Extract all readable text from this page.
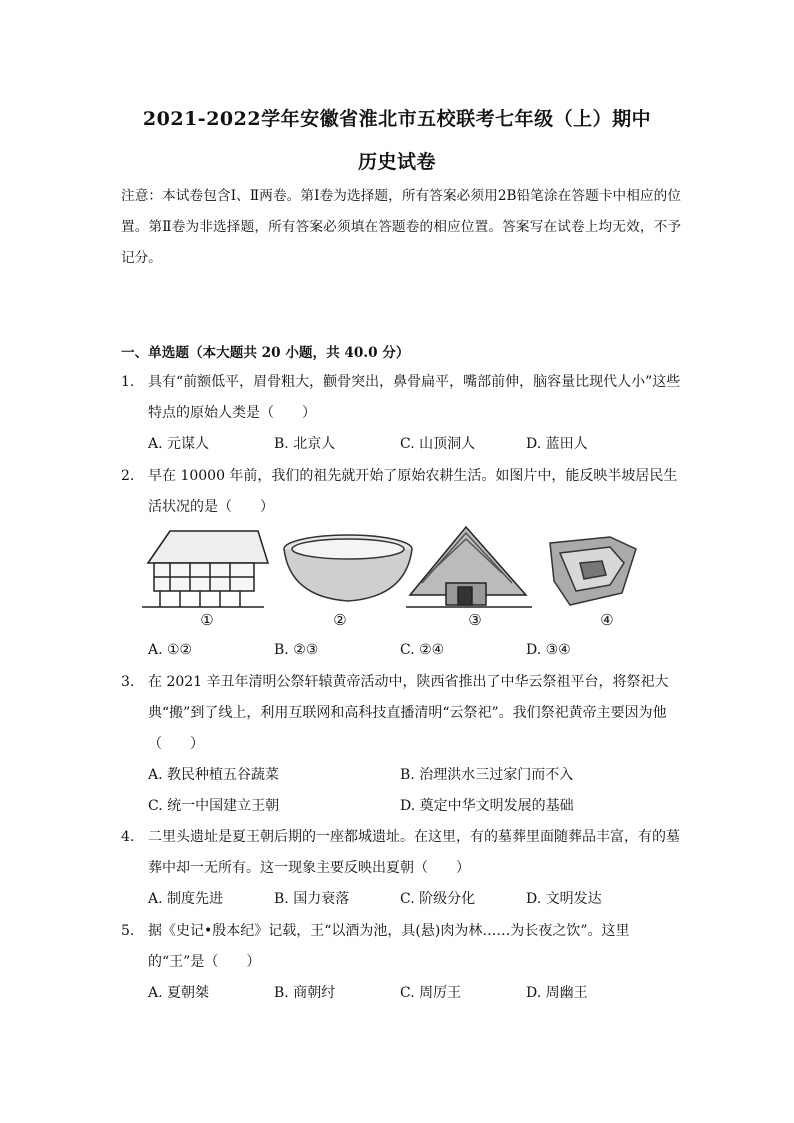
2021-2022学年安徽省淮北市五校联考七年级（上）期中
历史试卷
注意：本试卷包含Ⅰ、Ⅱ两卷。第Ⅰ卷为选择题，所有答案必须用2B铅笔涂在答题卡中相应的位置。第Ⅱ卷为非选择题，所有答案必须填在答题卷的相应位置。答案写在试卷上均无效，不予记分。
一、单选题（本大题共 20 小题，共 40.0 分）
1. 具有“前额低平，眉骨粗大，颧骨突出，鼻骨扁平，嘴部前伸，脑容量比现代人小”这些特点的原始人类是（　　）
A. 元谋人	B. 北京人	C. 山顶洞人	D. 蓝田人
2. 早在 10000 年前，我们的祖先就开始了原始农耕生活。如图片中，能反映半坡居民生活状况的是（　　）
①	②	③	④
A. ①②	B. ②③	C. ②④	D. ③④
3. 在 2021 辛丑年清明公祭轩辕黄帝活动中，陕西省推出了中华云祭祖平台，将祭祀大典“搬”到了线上，利用互联网和高科技直播清明“云祭祀”。我们祭祀黄帝主要因为他（　　）
A. 教民种植五谷蔬菜	B. 治理洪水三过家门而不入
C. 统一中国建立王朝	D. 奠定中华文明发展的基础
4. 二里头遗址是夏王朝后期的一座都城遗址。在这里，有的墓葬里面随葬品丰富，有的墓葬中却一无所有。这一现象主要反映出夏朝（　　）
A. 制度先进	B. 国力衰落	C. 阶级分化	D. 文明发达
5. 据《史记•殷本纪》记载，王“以酒为池，具(悬)肉为林……为长夜之饮”。这里的“王”是（　　）
A. 夏朝桀	B. 商朝纣	C. 周厉王	D. 周幽王
